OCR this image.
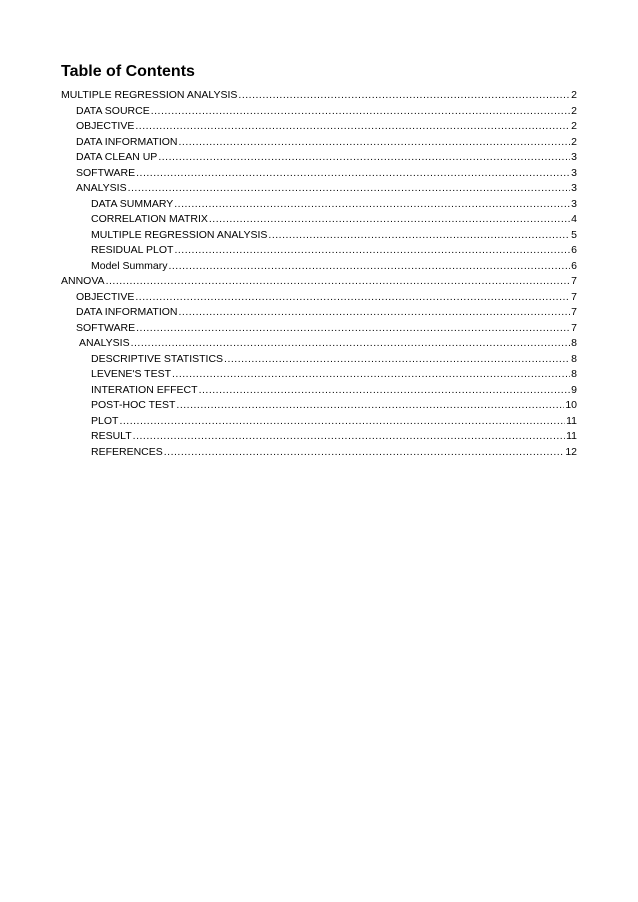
Table of Contents
MULTIPLE REGRESSION ANALYSIS .....	2
DATA SOURCE .....	2
OBJECTIVE .....	2
DATA INFORMATION .....	2
DATA CLEAN UP .....	3
SOFTWARE .....	3
ANALYSIS .....	3
DATA SUMMARY .....	3
CORRELATION MATRIX .....	4
MULTIPLE REGRESSION ANALYSIS .....	5
RESIDUAL PLOT .....	6
Model Summary .....	6
ANNOVA .....	7
OBJECTIVE .....	7
DATA INFORMATION .....	7
SOFTWARE .....	7
ANALYSIS .....	8
DESCRIPTIVE STATISTICS .....	8
LEVENE'S TEST .....	8
INTERATION EFFECT .....	9
POST-HOC TEST .....	10
PLOT .....	11
RESULT .....	11
REFERENCES .....	12
